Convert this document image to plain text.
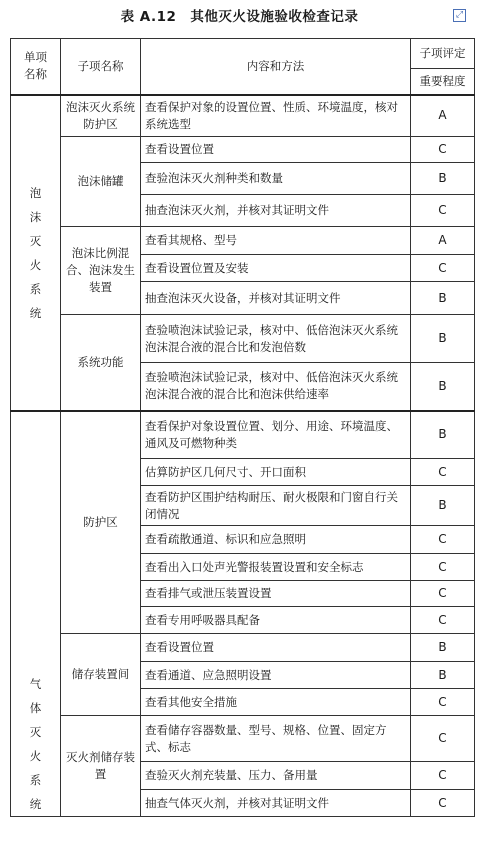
表 A.12　其他灭火设施验收检查记录	⤢
单项
名称	子项名称	内容和方法	子项评定
			重要程度
泡沫灭火系统	泡沫灭火系统防护区	查看保护对象的设置位置、性质、环境温度，核对系统选型	A
	泡沫储罐	查看设置位置	C
		查验泡沫灭火剂种类和数量	B
		抽查泡沫灭火剂，并核对其证明文件	C
	泡沫比例混合、泡沫发生装置	查看其规格、型号	A
		查看设置位置及安装	C
		抽查泡沫灭火设备，并核对其证明文件	B
	系统功能	查验喷泡沫试验记录，核对中、低倍泡沫灭火系统泡沫混合液的混合比和发泡倍数	B
		查验喷泡沫试验记录，核对中、低倍泡沫灭火系统泡沫混合液的混合比和泡沫供给速率	B
气体灭火系统	防护区	查看保护对象设置位置、划分、用途、环境温度、通风及可燃物种类	B
		估算防护区几何尺寸、开口面积	C
		查看防护区围护结构耐压、耐火极限和门窗自行关闭情况	B
		查看疏散通道、标识和应急照明	C
		查看出入口处声光警报装置设置和安全标志	C
		查看排气或泄压装置设置	C
		查看专用呼吸器具配备	C
	储存装置间	查看设置位置	B
		查看通道、应急照明设置	B
		查看其他安全措施	C
	灭火剂储存装置	查看储存容器数量、型号、规格、位置、固定方式、标志	C
		查验灭火剂充装量、压力、备用量	C
		抽查气体灭火剂，并核对其证明文件	C
